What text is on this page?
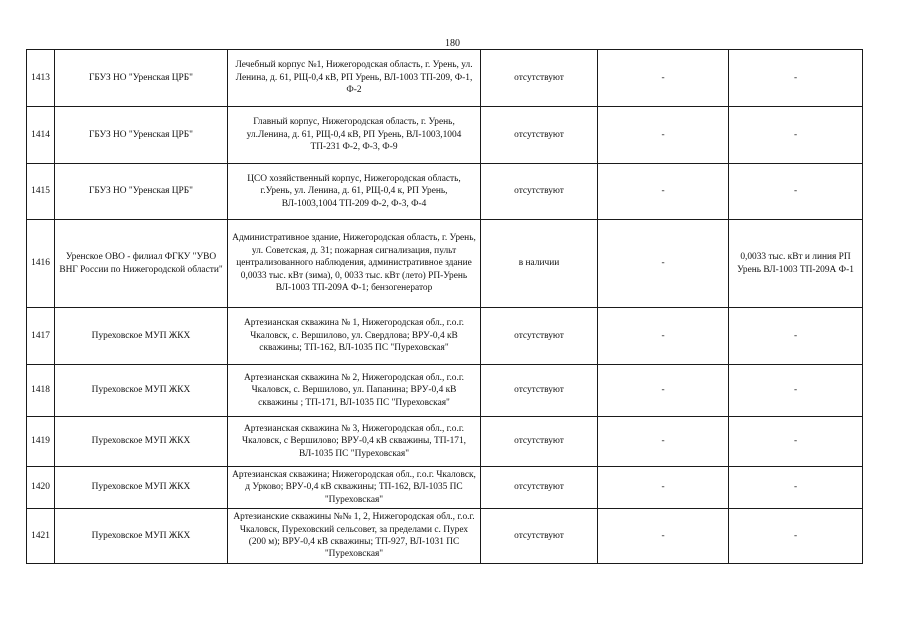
180
1413	ГБУЗ НО "Уренская ЦРБ"	Лечебный корпус №1, Нижегородская область, г. Урень, ул. Ленина, д. 61, РЩ-0,4 кВ, РП Урень, ВЛ-1003 ТП-209, Ф-1, Ф-2	отсутствуют	-	-
1414	ГБУЗ НО "Уренская ЦРБ"	Главный корпус, Нижегородская область, г. Урень, ул.Ленина, д. 61, РЩ-0,4 кВ, РП Урень, ВЛ-1003,1004 ТП-231 Ф-2, Ф-3, Ф-9	отсутствуют	-	-
1415	ГБУЗ НО "Уренская ЦРБ"	ЦСО хозяйственный корпус, Нижегородская область, г.Урень, ул. Ленина, д. 61, РЩ-0,4 к, РП Урень, ВЛ-1003,1004 ТП-209 Ф-2, Ф-3, Ф-4	отсутствуют	-	-
1416	Уренское ОВО - филиал ФГКУ "УВО ВНГ России по Нижегородской области"	Административное здание, Нижегородская область, г. Урень, ул. Советская, д. 31; пожарная сигнализация, пульт централизованного наблюдения, административное здание 0,0033 тыс. кВт (зима), 0, 0033 тыс. кВт (лето) РП-Урень ВЛ-1003 ТП-209А Ф-1; бензогенератор	в наличии	-	0,0033 тыс. кВт и линия РП Урень ВЛ-1003 ТП-209А Ф-1
1417	Пуреховское МУП ЖКХ	Артезианская скважина № 1, Нижегородская обл., г.о.г. Чкаловск, с. Вершилово, ул. Свердлова; ВРУ-0,4 кВ скважины; ТП-162, ВЛ-1035 ПС "Пуреховская"	отсутствуют	-	-
1418	Пуреховское МУП ЖКХ	Артезианская скважина № 2, Нижегородская обл., г.о.г. Чкаловск, с. Вершилово, ул. Папанина; ВРУ-0,4 кВ скважины ; ТП-171, ВЛ-1035 ПС "Пуреховская"	отсутствуют	-	-
1419	Пуреховское МУП ЖКХ	Артезианская скважина № 3, Нижегородская обл., г.о.г. Чкаловск, с Вершилово; ВРУ-0,4 кВ скважины, ТП-171, ВЛ-1035 ПС "Пуреховская"	отсутствуют	-	-
1420	Пуреховское МУП ЖКХ	Артезианская скважина; Нижегородская обл., г.о.г. Чкаловск, д Урково; ВРУ-0,4 кВ скважины; ТП-162, ВЛ-1035 ПС "Пуреховская"	отсутствуют	-	-
1421	Пуреховское МУП ЖКХ	Артезианские скважины №№ 1, 2, Нижегородская обл., г.о.г. Чкаловск, Пуреховский сельсовет, за пределами с. Пурех (200 м); ВРУ-0,4 кВ скважины; ТП-927, ВЛ-1031 ПС "Пуреховская"	отсутствуют	-	-
